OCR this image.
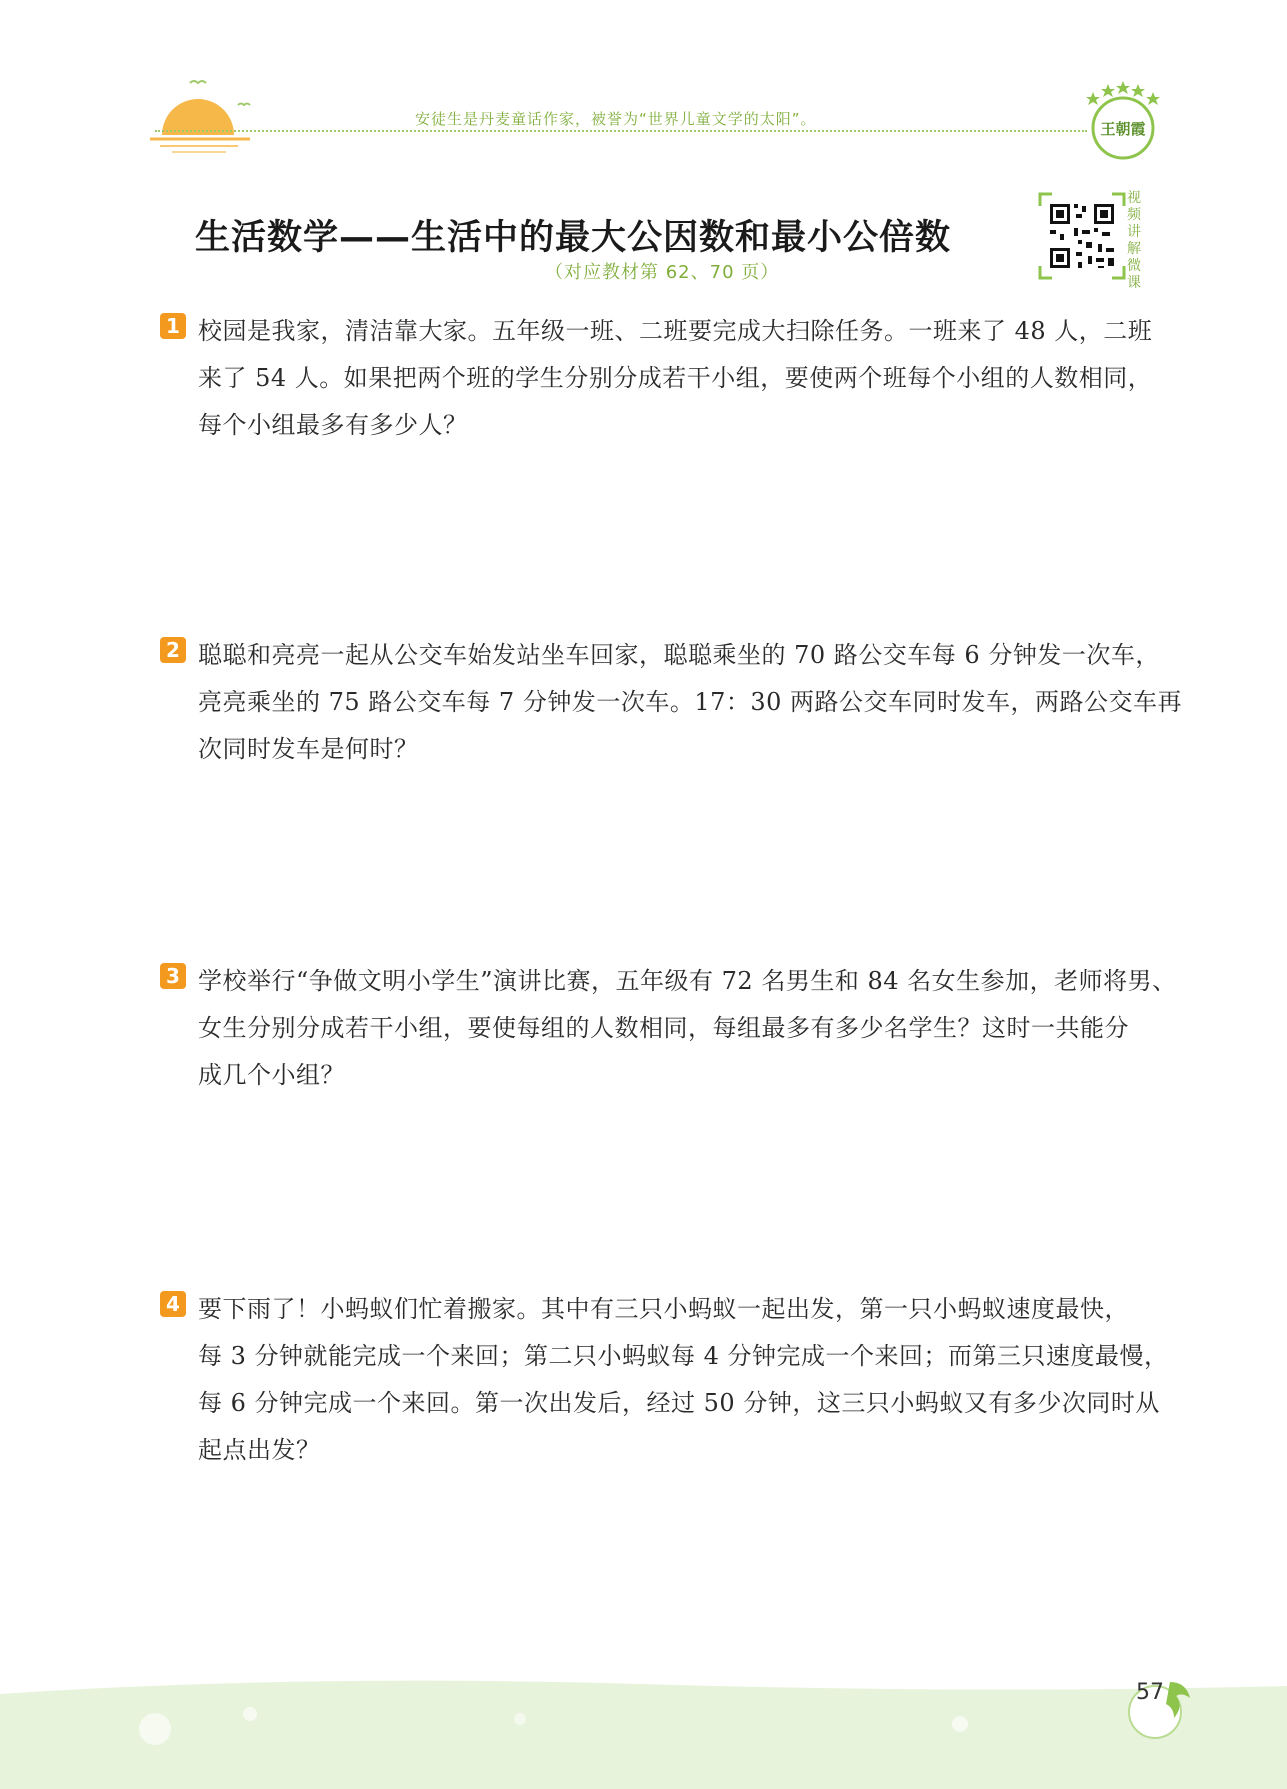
安徒生是丹麦童话作家，被誉为“世界儿童文学的太阳”。
王朝霞
生活数学——生活中的最大公因数和最小公倍数
（对应教材第 62、70 页）
视频讲解微课
1 校园是我家，清洁靠大家。五年级一班、二班要完成大扫除任务。一班来了 48 人，二班

来了 54 人。如果把两个班的学生分别分成若干小组，要使两个班每个小组的人数相同，

每个小组最多有多少人？

2 聪聪和亮亮一起从公交车始发站坐车回家，聪聪乘坐的 70 路公交车每 6 分钟发一次车，

亮亮乘坐的 75 路公交车每 7 分钟发一次车。17：30 两路公交车同时发车，两路公交车再

次同时发车是何时？

3 学校举行“争做文明小学生”演讲比赛，五年级有 72 名男生和 84 名女生参加，老师将男、

女生分别分成若干小组，要使每组的人数相同，每组最多有多少名学生？这时一共能分

成几个小组？

4 要下雨了！小蚂蚁们忙着搬家。其中有三只小蚂蚁一起出发，第一只小蚂蚁速度最快，

每 3 分钟就能完成一个来回；第二只小蚂蚁每 4 分钟完成一个来回；而第三只速度最慢，

每 6 分钟完成一个来回。第一次出发后，经过 50 分钟，这三只小蚂蚁又有多少次同时从

起点出发？

57
